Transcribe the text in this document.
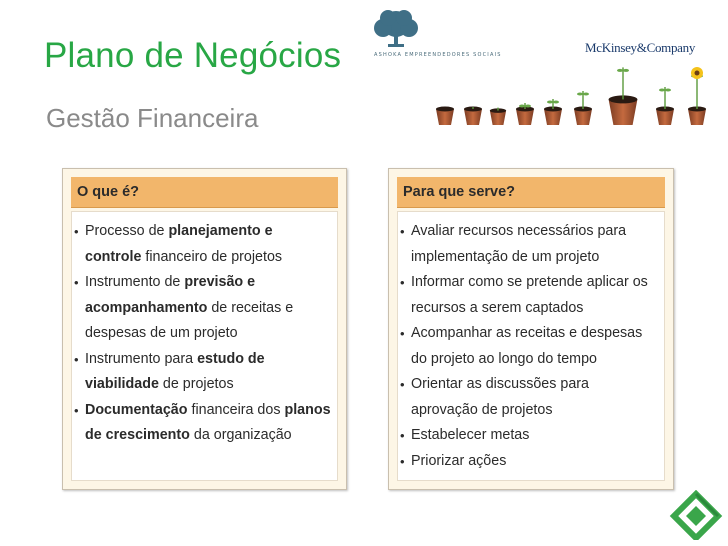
Plano de Negócios
Gestão Financeira
ASHOKA EMPREENDEDORES SOCIAIS	McKinsey&Company
O que é?
• Processo de planejamento e controle financeiro de projetos
• Instrumento de previsão e acompanhamento de receitas e despesas de um projeto
• Instrumento para estudo de viabilidade de projetos
• Documentação financeira dos planos de crescimento da organização
Para que serve?
• Avaliar recursos necessários para implementação de um projeto
• Informar como se pretende aplicar os recursos a serem captados
• Acompanhar as receitas e despesas do projeto ao longo do tempo
• Orientar as discussões para aprovação de projetos
• Estabelecer metas
• Priorizar ações
